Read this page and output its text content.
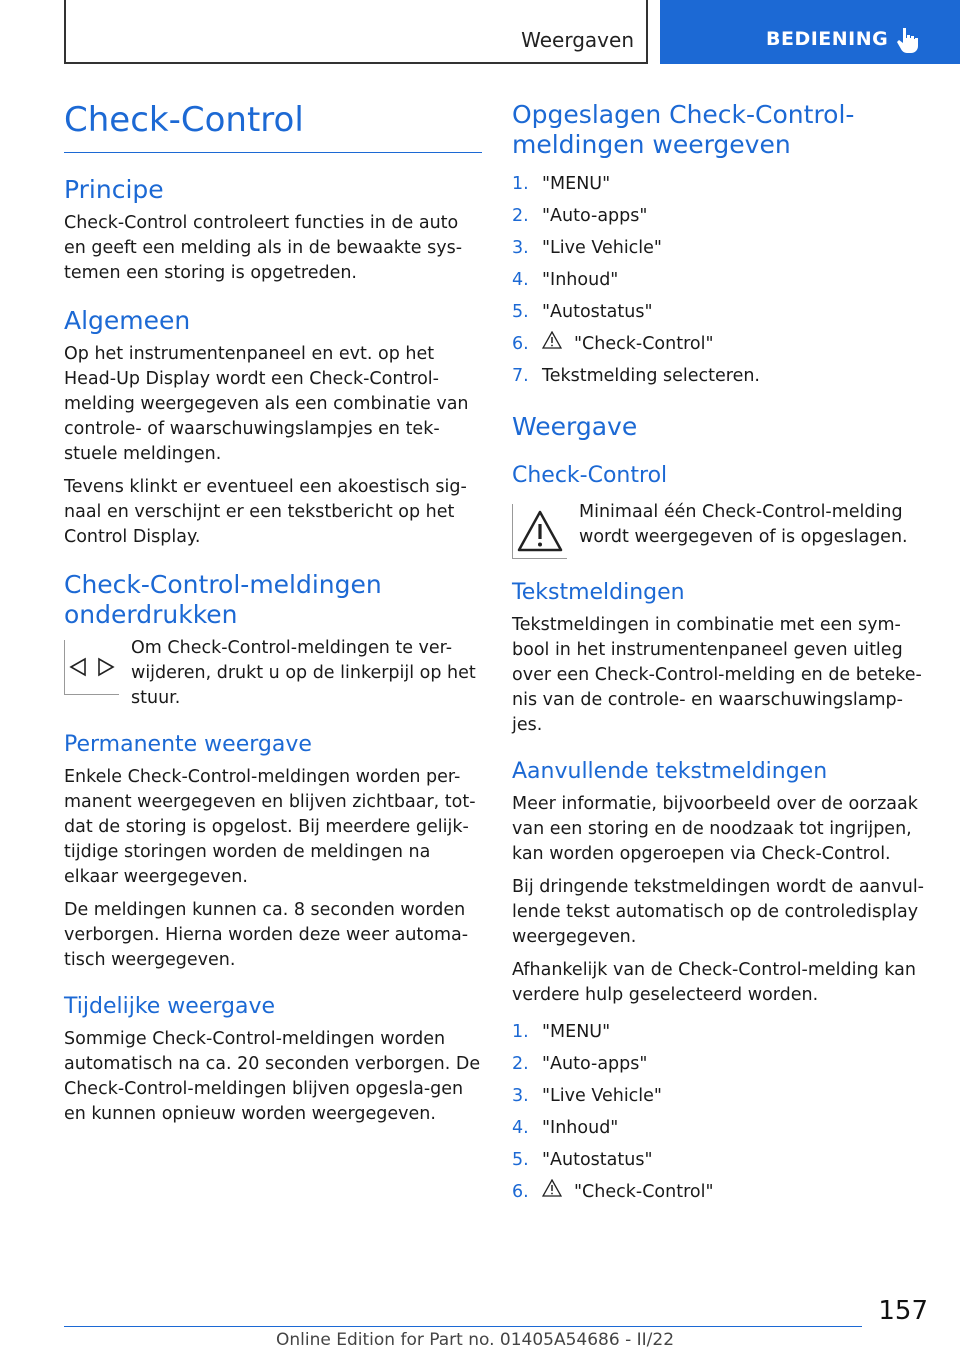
Weergaven	BEDIENING
Check-Control
Principe

Check-Control controleert functies in de auto en geeft een melding als in de bewaakte sys-temen een storing is opgetreden.

Algemeen

Op het instrumentenpaneel en evt. op het Head-Up Display wordt een Check-Control-melding weergegeven als een combinatie van controle- of waarschuwingslampjes en tek-stuele meldingen.

Tevens klinkt er eventueel een akoestisch sig-naal en verschijnt er een tekstbericht op het Control Display.

Check-Control-meldingen onderdrukken

Om Check-Control-meldingen te ver-wijderen, drukt u op de linkerpijl op het stuur.

Permanente weergave

Enkele Check-Control-meldingen worden per-manent weergegeven en blijven zichtbaar, tot-dat de storing is opgelost. Bij meerdere gelijk-tijdige storingen worden de meldingen na elkaar weergegeven.

De meldingen kunnen ca. 8 seconden worden verborgen. Hierna worden deze weer automa-tisch weergegeven.

Tijdelijke weergave

Sommige Check-Control-meldingen worden automatisch na ca. 20 seconden verborgen. De Check-Control-meldingen blijven opgesla-gen en kunnen opnieuw worden weergegeven.

Opgeslagen Check-Control-meldingen weergeven
1. "MENU"
2. "Auto-apps"
3. "Live Vehicle"
4. "Inhoud"
5. "Autostatus"
6.	"Check-Control"
7. Tekstmelding selecteren.
Weergave
Check-Control

Minimaal één Check-Control-melding wordt weergegeven of is opgeslagen.

Tekstmeldingen

Tekstmeldingen in combinatie met een sym-bool in het instrumentenpaneel geven uitleg over een Check-Control-melding en de beteke-nis van de controle- en waarschuwingslamp-jes.

Aanvullende tekstmeldingen

Meer informatie, bijvoorbeeld over de oorzaak van een storing en de noodzaak tot ingrijpen, kan worden opgeroepen via Check-Control.

Bij dringende tekstmeldingen wordt de aanvul-lende tekst automatisch op de controledisplay weergegeven.

Afhankelijk van de Check-Control-melding kan verdere hulp geselecteerd worden.

1. "MENU"
2. "Auto-apps"
3. "Live Vehicle"
4. "Inhoud"
5. "Autostatus"
6.	"Check-Control"
157
Online Edition for Part no. 01405A54686 - II/22
